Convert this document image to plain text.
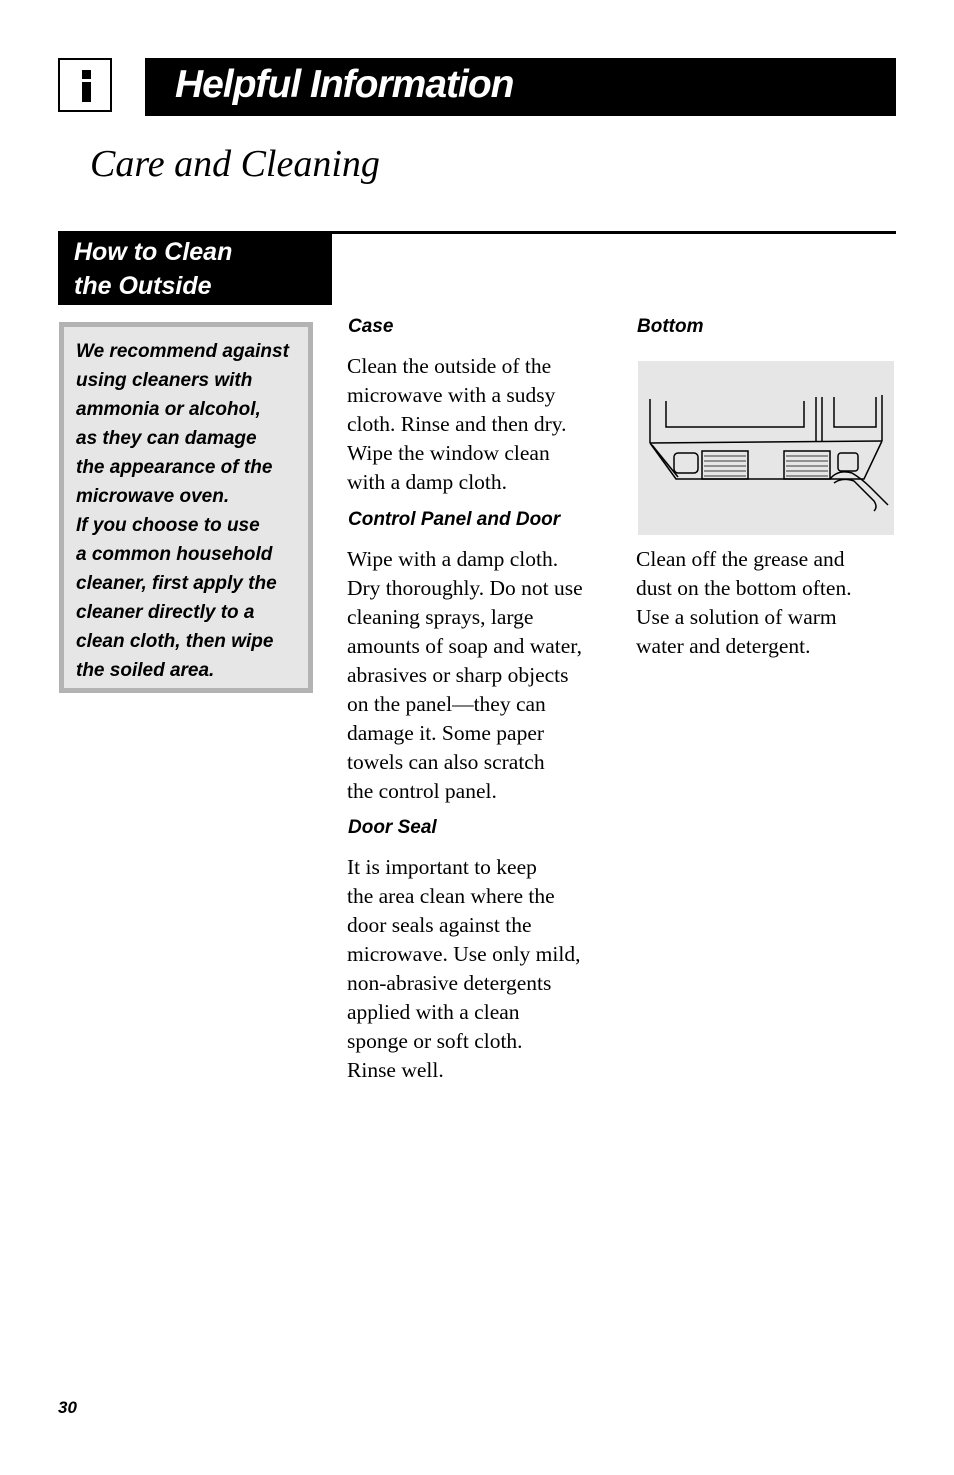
Helpful Information
Care and Cleaning
How to Clean
the Outside

We recommend against
using cleaners with
ammonia or alcohol,
as they can damage
the appearance of the
microwave oven.
If you choose to use
a common household
cleaner, first apply the
cleaner directly to a
clean cloth, then wipe
the soiled area.

Case

Clean the outside of the
microwave with a sudsy
cloth. Rinse and then dry.
Wipe the window clean
with a damp cloth.

Control Panel and Door

Wipe with a damp cloth.
Dry thoroughly. Do not use
cleaning sprays, large
amounts of soap and water,
abrasives or sharp objects
on the panel—they can
damage it. Some paper
towels can also scratch
the control panel.

Door Seal

It is important to keep
the area clean where the
door seals against the
microwave. Use only mild,
non-abrasive detergents
applied with a clean
sponge or soft cloth.
Rinse well.

Bottom

Clean off the grease and
dust on the bottom often.
Use a solution of warm
water and detergent.

30
